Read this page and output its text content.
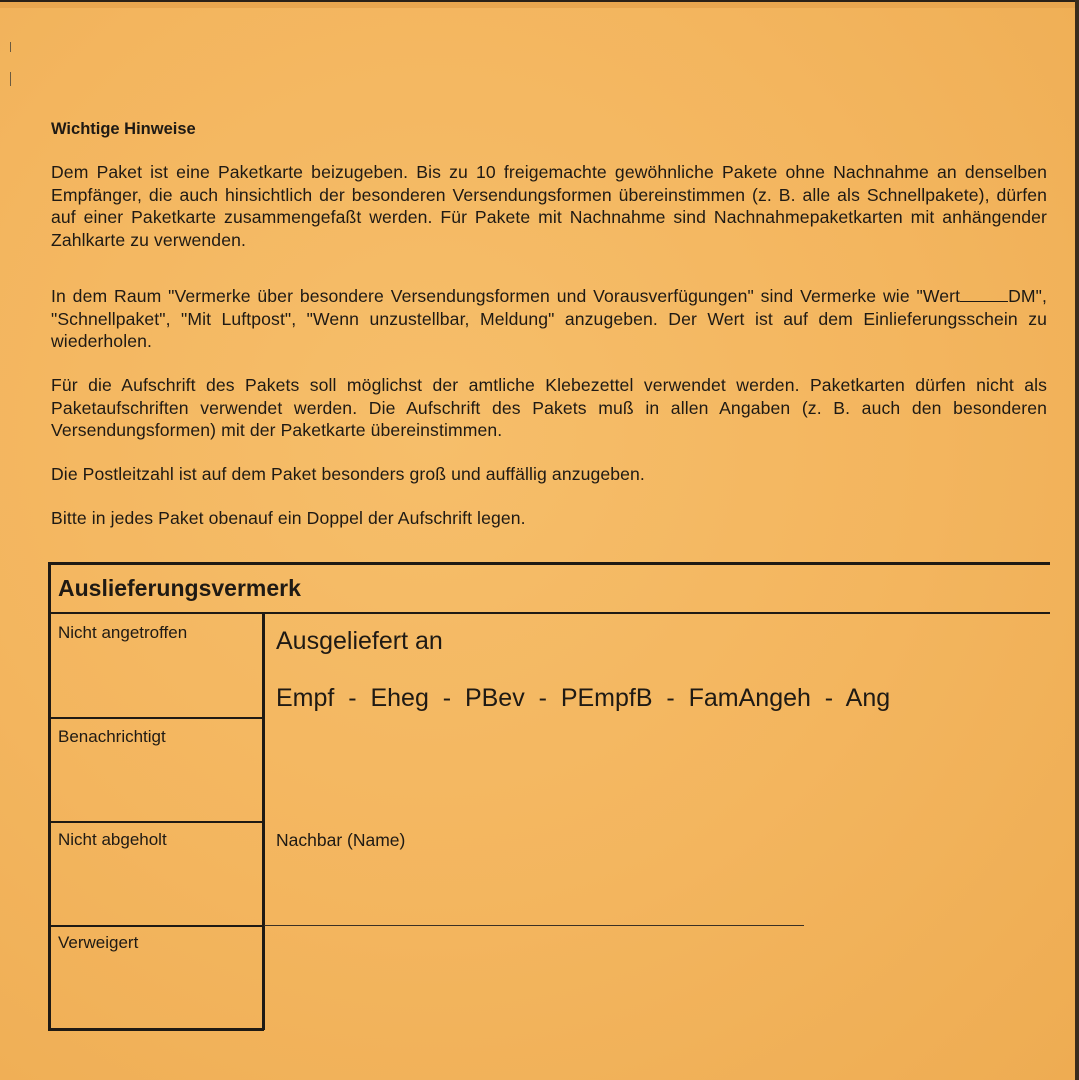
Wichtige Hinweise

Dem Paket ist eine Paketkarte beizugeben. Bis zu 10 freigemachte gewöhnliche Pakete ohne Nachnahme an denselben Empfänger, die auch hinsichtlich der besonderen Versendungsformen übereinstimmen (z. B. alle als Schnellpakete), dürfen auf einer Paketkarte zusammengefaßt werden. Für Pakete mit Nachnahme sind Nachnahmepaketkarten mit anhängender Zahlkarte zu verwenden.

In dem Raum "Vermerke über besondere Versendungsformen und Vorausverfügungen" sind Vermerke wie "Wert	DM", "Schnellpaket", "Mit Luftpost", "Wenn unzustellbar, Meldung" anzugeben. Der Wert ist auf dem Einlieferungsschein zu wiederholen.

Für die Aufschrift des Pakets soll möglichst der amtliche Klebezettel verwendet werden. Paketkarten dürfen nicht als Paketaufschriften verwendet werden. Die Aufschrift des Pakets muß in allen Angaben (z. B. auch den besonderen Versendungsformen) mit der Paketkarte übereinstimmen.

Die Postleitzahl ist auf dem Paket besonders groß und auffällig anzugeben.

Bitte in jedes Paket obenauf ein Doppel der Aufschrift legen.

Auslieferungsvermerk
Nicht angetroffen
Benachrichtigt
Nicht abgeholt
Verweigert
Ausgeliefert an
Empf  -  Eheg  -  PBev  -  PEmpfB  -  FamAngeh  -  Ang
Nachbar (Name)
